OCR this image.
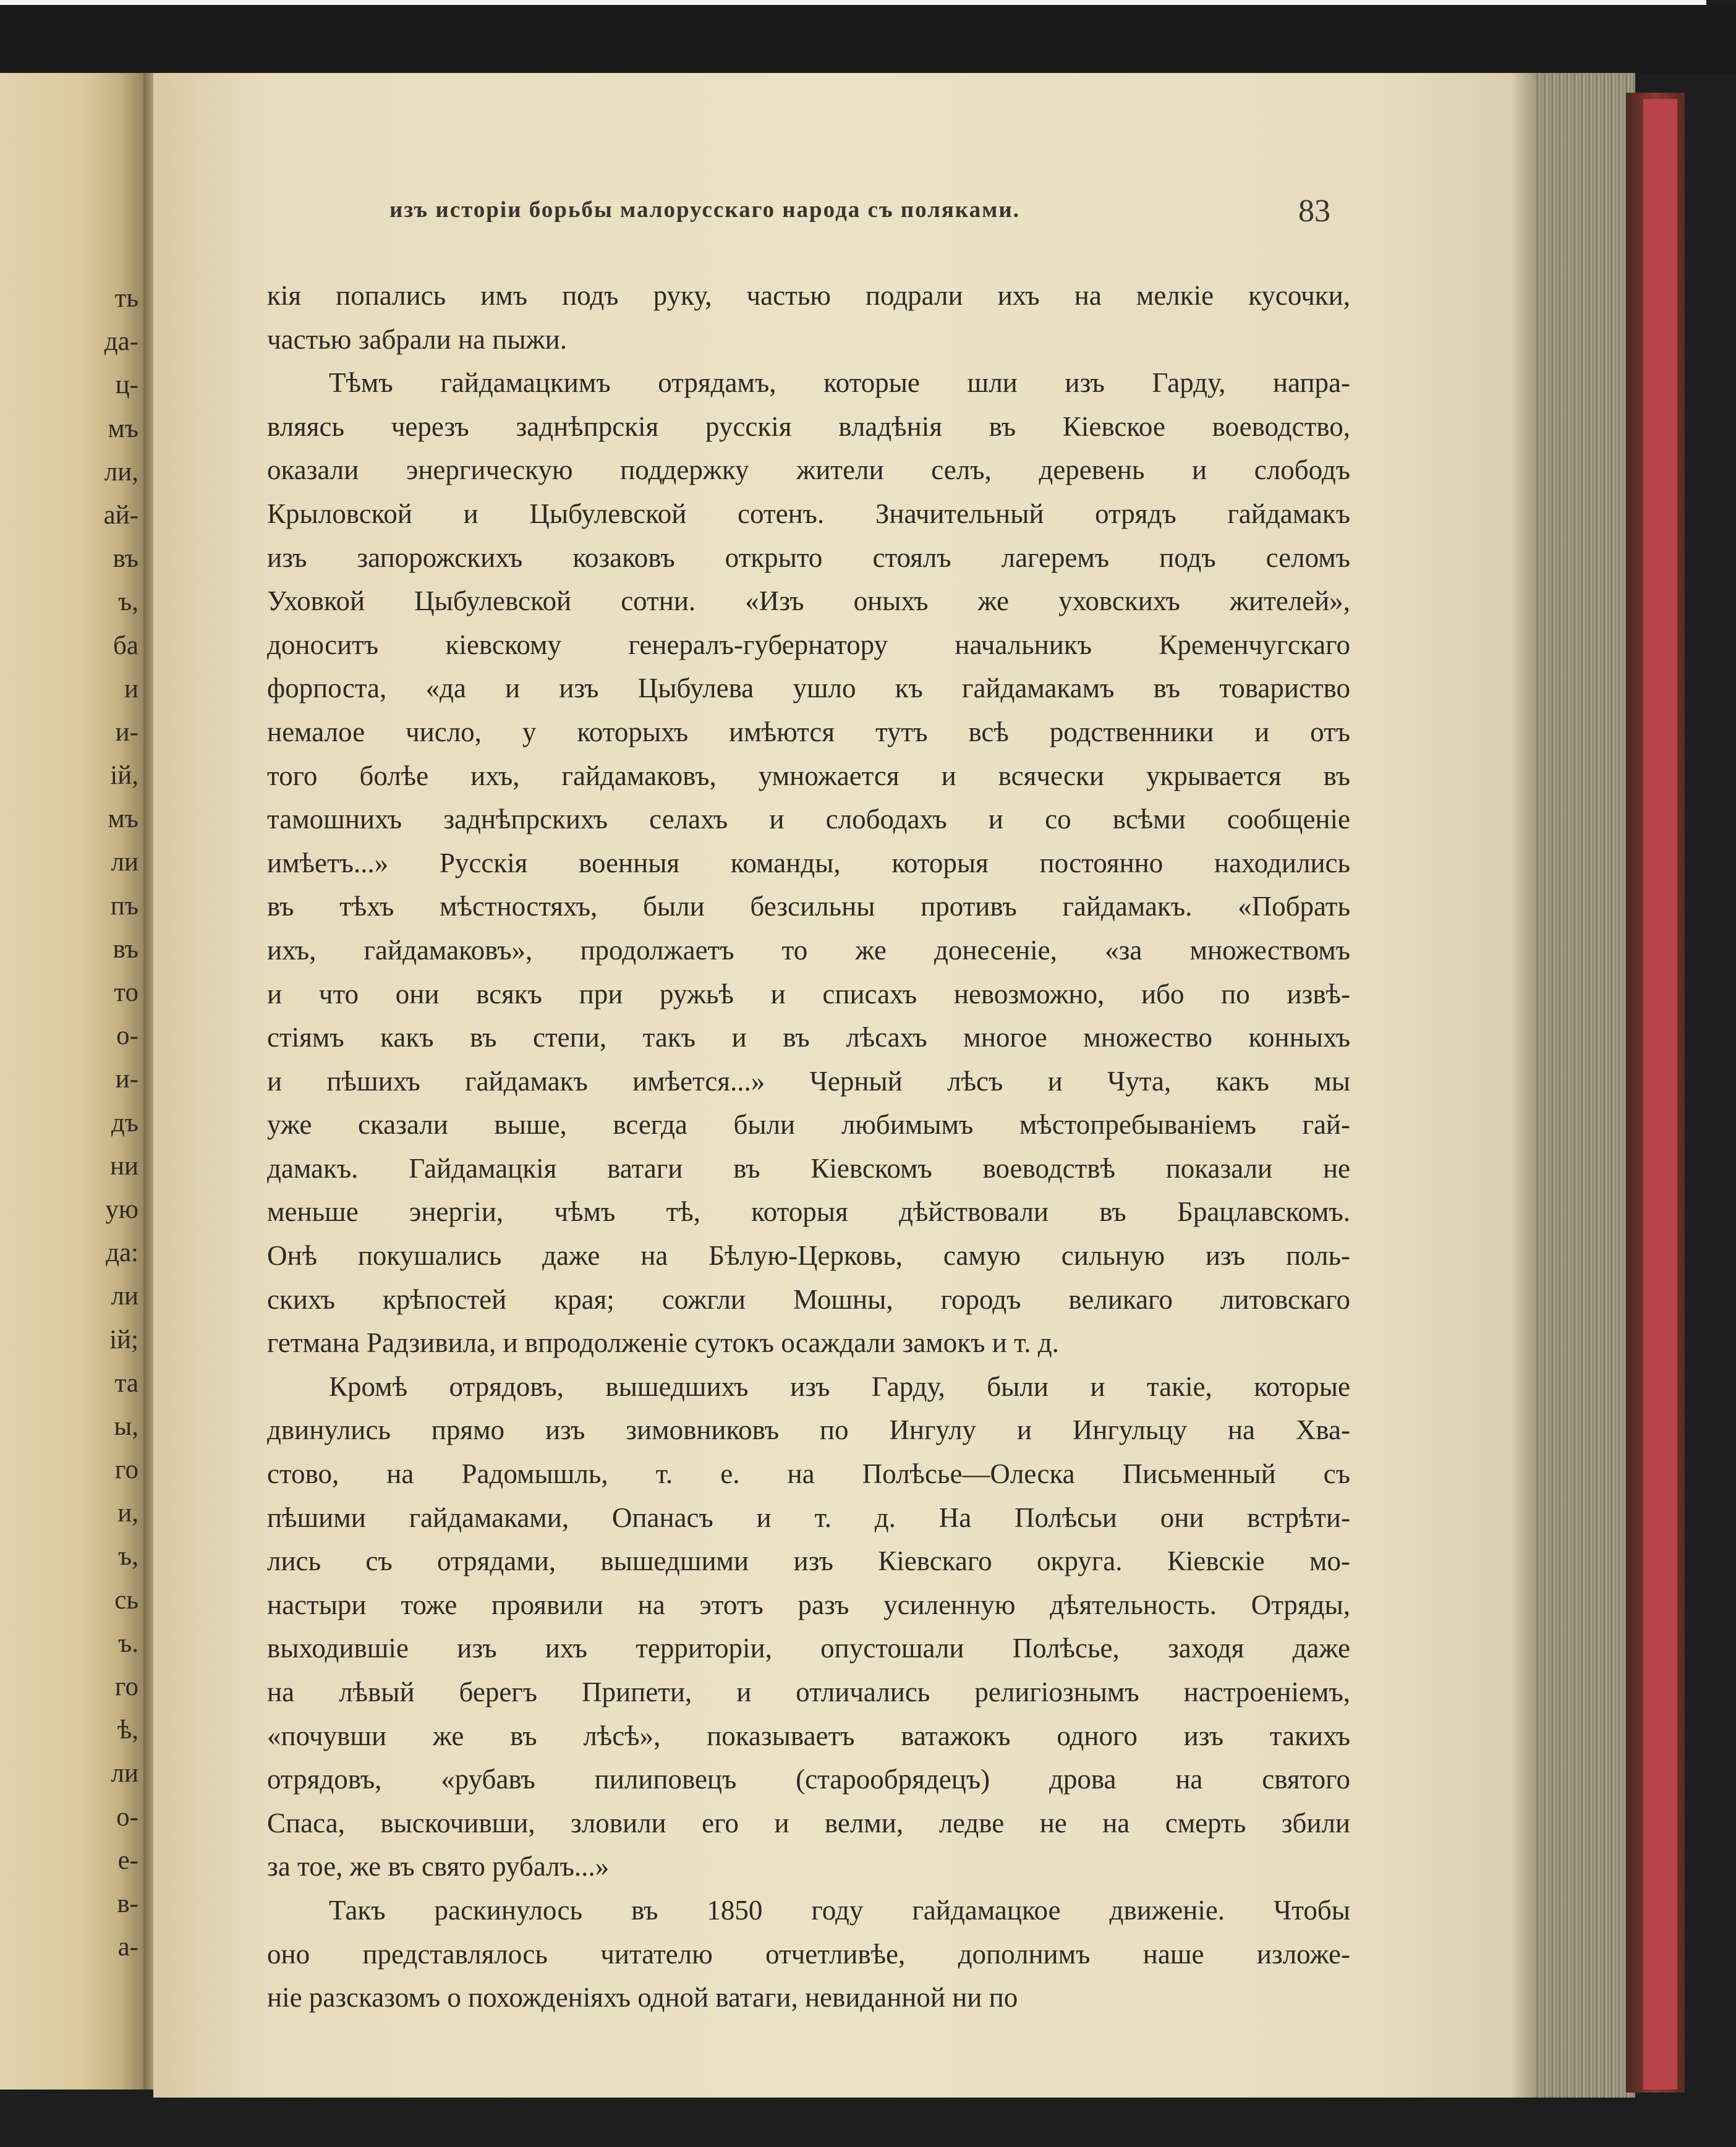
ть
да-
ц-
мъ
ли,
ай-
въ
ъ,
ба
и
и-
ій,
мъ
ли
пъ
въ
то
о-
и-
дъ
ни
ую
да:
ли
ій;
та
ы,
го
и,
ъ,
сь
ъ.
го
ѣ,
ли
о-
е-
в-
а-
изъ исторіи борьбы малорусскаго народа съ поляками.	83
кія попались имъ подъ руку, частью подрали ихъ на мелкіе кусочки,
частью забрали на пыжи.
Тѣмъ гайдамацкимъ отрядамъ, которые шли изъ Гарду, напра-
вляясь черезъ заднѣпрскія русскія владѣнія въ Кіевское воеводство,
оказали энергическую поддержку жители селъ, деревень и слободъ
Крыловской и Цыбулевской сотенъ. Значительный отрядъ гайдамакъ
изъ запорожскихъ козаковъ открыто стоялъ лагеремъ подъ селомъ
Уховкой Цыбулевской сотни. «Изъ оныхъ же уховскихъ жителей»,
доноситъ кіевскому генералъ-губернатору начальникъ Кременчугскаго
форпоста, «да и изъ Цыбулева ушло къ гайдамакамъ въ товариство
немалое число, у которыхъ имѣются тутъ всѣ родственники и отъ
того болѣе ихъ, гайдамаковъ, умножается и всячески укрывается въ
тамошнихъ заднѣпрскихъ селахъ и слободахъ и со всѣми сообщеніе
имѣетъ...» Русскія военныя команды, которыя постоянно находились
въ тѣхъ мѣстностяхъ, были безсильны противъ гайдамакъ. «Побрать
ихъ, гайдамаковъ», продолжаетъ то же донесеніе, «за множествомъ
и что они всякъ при ружьѣ и списахъ невозможно, ибо по извѣ-
стіямъ какъ въ степи, такъ и въ лѣсахъ многое множество конныхъ
и пѣшихъ гайдамакъ имѣется...» Черный лѣсъ и Чута, какъ мы
уже сказали выше, всегда были любимымъ мѣстопребываніемъ гай-
дамакъ. Гайдамацкія ватаги въ Кіевскомъ воеводствѣ показали не
меньше энергіи, чѣмъ тѣ, которыя дѣйствовали въ Брацлавскомъ.
Онѣ покушались даже на Бѣлую-Церковь, самую сильную изъ поль-
скихъ крѣпостей края; сожгли Мошны, городъ великаго литовскаго
гетмана Радзивила, и впродолженіе сутокъ осаждали замокъ и т. д.
Кромѣ отрядовъ, вышедшихъ изъ Гарду, были и такіе, которые
двинулись прямо изъ зимовниковъ по Ингулу и Ингульцу на Хва-
стово, на Радомышль, т. е. на Полѣсье—Олеска Письменный съ
пѣшими гайдамаками, Опанасъ и т. д. На Полѣсьи они встрѣти-
лись съ отрядами, вышедшими изъ Кіевскаго округа. Кіевскіе мо-
настыри тоже проявили на этотъ разъ усиленную дѣятельность. Отряды,
выходившіе изъ ихъ территоріи, опустошали Полѣсье, заходя даже
на лѣвый берегъ Припети, и отличались религіознымъ настроеніемъ,
«почувши же въ лѣсѣ», показываетъ ватажокъ одного изъ такихъ
отрядовъ, «рубавъ пилиповецъ (старообрядецъ) дрова на святого
Спаса, выскочивши, зловили его и велми, ледве не на смерть збили
за тое, же въ свято рубалъ...»
Такъ раскинулось въ 1850 году гайдамацкое движеніе. Чтобы
оно представлялось читателю отчетливѣе, дополнимъ наше изложе-
ніе разсказомъ о похожденіяхъ одной ватаги, невиданной ни по
